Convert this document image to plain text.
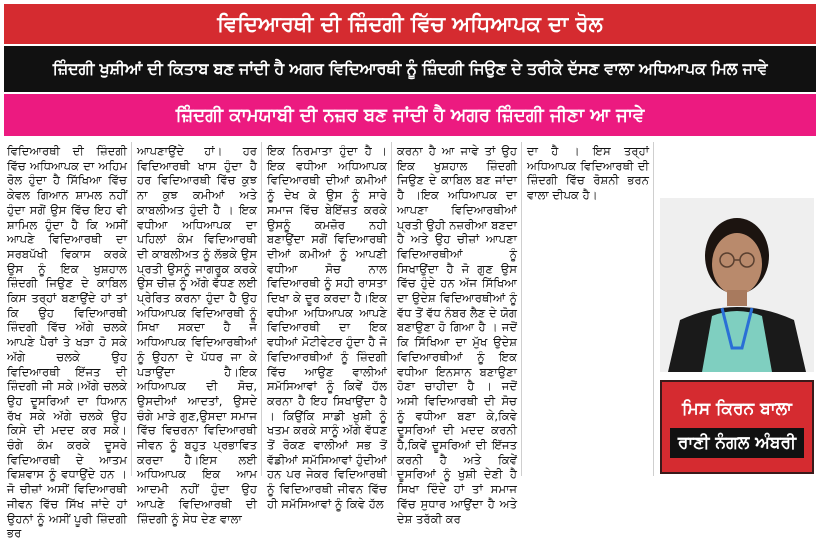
ਵਿਦਿਆਰਥੀ ਦੀ ਜ਼ਿੰਦਗੀ ਵਿੱਚ ਅਧਿਆਪਕ ਦਾ ਰੋਲ
ਜ਼ਿੰਦਗੀ ਖੁਸ਼ੀਆਂ ਦੀ ਕਿਤਾਬ ਬਣ ਜਾਂਦੀ ਹੈ ਅਗਰ ਵਿਦਿਆਰਥੀ ਨੂੰ ਜ਼ਿੰਦਗੀ ਜਿਉਣ ਦੇ ਤਰੀਕੇ ਦੱਸਣ ਵਾਲਾ ਅਧਿਆਪਕ ਮਿਲ ਜਾਵੇ
ਜ਼ਿੰਦਗੀ ਕਾਮਯਾਬੀ ਦੀ ਨਜ਼ਰ ਬਣ ਜਾਂਦੀ ਹੈ ਅਗਰ ਜ਼ਿੰਦਗੀ ਜੀਣਾ ਆ ਜਾਵੇ
ਵਿਦਿਆਰਥੀ ਦੀ ਜ਼ਿੰਦਗੀ ਵਿੱਚ ਅਧਿਆਪਕ ਦਾ ਅਹਿਮ ਰੋਲ ਹੁੰਦਾ ਹੈ ਸਿੱਖਿਆ ਵਿੱਚ ਕੇਵਲ ਗਿਆਨ ਸ਼ਾਮਲ ਨਹੀਂ ਹੁੰਦਾ ਸਗੋਂ ਉਸ ਵਿੱਚ ਇਹ ਵੀ ਸ਼ਾਮਿਲ ਹੁੰਦਾ ਹੈ ਕਿ ਅਸੀਂ ਆਪਣੇ ਵਿਦਿਆਰਥੀ ਦਾ ਸਰਬਪੱਖੀ ਵਿਕਾਸ ਕਰਕੇ ਉਸ ਨੂੰ ਇਕ ਖੁਸ਼ਹਾਲ ਜ਼ਿੰਦਗੀ ਜਿਉਣ ਦੇ ਕਾਬਿਲ ਕਿਸ ਤਰ੍ਹਾਂ ਬਣਾਉਂਦੇ ਹਾਂ ਤਾਂ ਕਿ ਉਹ ਵਿਦਿਆਰਥੀ ਜ਼ਿੰਦਗੀ ਵਿੱਚ ਅੱਗੇ ਚਲਕੇ ਆਪਣੇ ਪੈਰਾਂ ਤੇ ਖੜਾ ਹੋ ਸਕੇ ਅੱਗੇ ਚਲਕੇ ਉਹ ਵਿਦਿਆਰਥੀ ਇੱਜਤ ਦੀ ਜ਼ਿੰਦਗੀ ਜੀ ਸਕੇ।ਅੱਗੇ ਚਲਕੇ ਉਹ ਦੂਸਰਿਆਂ ਦਾ ਧਿਆਨ ਰੱਖ ਸਕੇ ਅੱਗੇ ਚਲਕੇ ਉਹ ਕਿਸੇ ਦੀ ਮਦਦ ਕਰ ਸਕੇ। ਚੰਗੇ ਕੰਮ ਕਰਕੇ ਦੂਸਰੇ ਵਿਦਿਆਰਥੀ ਦੇ ਆਤਮ ਵਿਸ਼ਵਾਸ ਨੂੰ ਵਧਾਉਂਦੇ ਹਨ ।ਜੋ ਚੀਜ਼ਾਂ ਅਸੀਂ ਵਿਦਿਆਰਥੀ ਜੀਵਨ ਵਿੱਚ ਸਿੱਖ ਜਾਂਦੇ ਹਾਂ ਉਹਨਾਂ ਨੂੰ ਅਸੀਂ ਪੂਰੀ ਜ਼ਿੰਦਗੀ ਭਰ
ਆਪਣਾਉਂਦੇ ਹਾਂ। ਹਰ ਵਿਦਿਆਰਥੀ ਖਾਸ ਹੁੰਦਾ ਹੈ ਹਰ ਵਿਦਿਆਰਥੀ ਵਿੱਚ ਕੁਝ ਨਾ ਕੁਝ ਕਮੀਆਂ ਅਤੇ ਕਾਬਲੀਅਤ ਹੁੰਦੀ ਹੈ । ਇਕ ਵਧੀਆ ਅਧਿਆਪਕ ਦਾ ਪਹਿਲਾਂ ਕੰਮ ਵਿਦਿਆਰਥੀ ਦੀ ਕਾਬਲੀਅਤ ਨੂੰ ਲੱਭਕੇ ਉਸ ਪ੍ਰਤੀ ਉਸਨੂੰ ਜਾਗਰੂਕ ਕਰਕੇ ਉਸ ਚੀਜ਼ ਨੂੰ ਅੱਗੇ ਵੱਧਣ ਲਈ ਪ੍ਰੇਰਿਤ ਕਰਨਾ ਹੁੰਦਾ ਹੈ ਉਹ ਅਧਿਆਪਕ ਵਿਦਿਆਰਥੀ ਨੂੰ ਸਿਖਾ ਸਕਦਾ ਹੈ ਜੋ ਅਧਿਆਪਕ ਵਿਦਿਆਰਥੀਆਂ ਨੂੰ ਉਹਨਾ ਦੇ ਪੱਧਰ ਜਾ ਕੇ ਪੜਾਉਂਦਾ ਹੈ।ਇਕ ਅਧਿਆਪਕ ਦੀ ਸੋਚ, ਉਸਦੀਆਂ ਆਦਤਾਂ, ਉਸਦੇ ਚੰਗੇ ਮਾੜੇ ਗੁਣ,ਉਸਦਾ ਸਮਾਜ ਵਿੱਚ ਵਿਚਰਨਾ ਵਿਦਿਆਰਥੀ ਜੀਵਨ ਨੂੰ ਬਹੁਤ ਪ੍ਰਭਾਵਿਤ ਕਰਦਾ ਹੈ।ਇਸ ਲਈ ਅਧਿਆਪਕ ਇਕ ਆਮ ਆਦਮੀ ਨਹੀਂ ਹੁੰਦਾ ਉਹ ਆਪਣੇ ਵਿਦਿਆਰਥੀ ਦੀ ਜ਼ਿੰਦਗੀ ਨੂੰ ਸੇਧ ਦੇਣ ਵਾਲਾ
ਇਕ ਨਿਰਮਾਤਾ ਹੁੰਦਾ ਹੈ ।ਇਕ ਵਧੀਆ ਅਧਿਆਪਕ ਵਿਦਿਆਰਥੀ ਦੀਆਂ ਕਮੀਆਂ ਨੂੰ ਦੇਖ ਕੇ ਉਸ ਨੂੰ ਸਾਰੇ ਸਮਾਜ ਵਿੱਚ ਬੇਇੱਜ਼ਤ ਕਰਕੇ ਉਸਨੂੰ ਕਮਜ਼ੋਰ ਨਹੀ ਬਣਾਉਂਦਾ ਸਗੋਂ ਵਿਦਿਆਰਥੀ ਦੀਆਂ ਕਮੀਆਂ ਨੂੰ ਆਪਣੀ ਵਧੀਆ ਸੋਚ ਨਾਲ ਵਿਦਿਆਰਥੀ ਨੂੰ ਸਹੀ ਰਾਸਤਾ ਦਿਖਾ ਕੇ ਦੂਰ ਕਰਦਾ ਹੈ।ਇਕ ਵਧੀਆ ਅਧਿਆਪਕ ਆਪਣੇ ਵਿਦਿਆਰਥੀ ਦਾ ਇਕ ਵਧੀਆਂ ਮੋਟੀਵੇਟਰ ਹੁੰਦਾ ਹੈ ਜੋ ਵਿਦਿਆਰਥੀਆਂ ਨੂੰ ਜ਼ਿੰਦਗੀ ਵਿੱਚ ਆਉਣ ਵਾਲੀਆਂ ਸਮੱਸਿਆਵਾਂ ਨੂੰ ਕਿਵੇਂ ਹੱਲ ਕਰਨਾ ਹੈ ਇਹ ਸਿਖਾਉਂਦਾ ਹੈ । ਕਿਉਂਕਿ ਸਾਡੀ ਖੁਸ਼ੀ ਨੂੰ ਖਤਮ ਕਰਕੇ ਸਾਨੂੰ ਅੱਗੇ ਵੱਧਣ ਤੋਂ ਰੋਕਣ ਵਾਲੀਆਂ ਸਭ ਤੋਂ ਵੱਡੀਆਂ ਸਮੱਸਿਆਵਾਂ ਹੁੰਦੀਆਂ ਹਨ ਪਰ ਜੇਕਰ ਵਿਦਿਆਰਥੀ ਨੂੰ ਵਿਦਿਆਰਥੀ ਜੀਵਨ ਵਿੱਚ ਹੀ ਸਮੱਸਿਆਵਾਂ ਨੂੰ ਕਿਵੇ ਹੱਲ
ਕਰਨਾ ਹੈ ਆ ਜਾਵੇ ਤਾਂ ਉਹ ਇਕ ਖੁਸ਼ਹਾਲ ਜ਼ਿੰਦਗੀ ਜਿਉਣ ਦੇ ਕਾਬਿਲ ਬਣ ਜਾਂਦਾ ਹੈ ।ਇਕ ਅਧਿਆਪਕ ਦਾ ਆਪਣਾ ਵਿਦਿਆਰਥੀਆਂ ਪ੍ਰਤੀ ਉਹੀ ਨਜ਼ਰੀਆ ਬਣਦਾ ਹੈ ਅਤੇ ਉਹ ਚੀਜ਼ਾਂ ਆਪਣਾ ਵਿਦਿਆਰਥੀਆਂ ਨੂੰ ਸਿਖਾਉਂਦਾ ਹੈ ਜੋ ਗੁਣ ਉਸ ਵਿੱਚ ਹੁੰਦੇ ਹਨ ਅੱਜ ਸਿੱਖਿਆ ਦਾ ਉਦੇਸ਼ ਵਿਦਿਆਰਥੀਆਂ ਨੂੰ ਵੱਧ ਤੋਂ ਵੱਧ ਨੰਬਰ ਲੈਣ ਦੇ ਯੋਗ ਬਣਾਉਣਾ ਹੋ ਗਿਆ ਹੈ । ਜਦੋਂ ਕਿ ਸਿੱਖਿਆ ਦਾ ਮੁੱਖ ਉਦੇਸ਼ ਵਿਦਿਆਰਥੀਆਂ ਨੂੰ ਇਕ ਵਧੀਆ ਇਨਸਾਨ ਬਣਾਉਣਾ ਹੋਣਾ ਚਾਹੀਦਾ ਹੈ । ਜਦੋਂ ਅਸੀ ਵਿਦਿਆਰਥੀ ਦੀ ਸੋਚ ਨੂੰ ਵਧੀਆ ਬਣਾ ਕੇ,ਕਿਵੇ ਦੂਸਰਿਆਂ ਦੀ ਮਦਦ ਕਰਨੀ ਹੈ,ਕਿਵੇਂ ਦੂਸਰਿਆਂ ਦੀ ਇੱਜਤ ਕਰਨੀ ਹੈ ਅਤੇ ਕਿਵੇਂ ਦੂਸਰਿਆਂ ਨੂੰ ਖੁਸ਼ੀ ਦੇਣੀ ਹੈ ਸਿਖਾ ਦਿੰਦੇ ਹਾਂ ਤਾਂ ਸਮਾਜ ਵਿੱਚ ਸੁਧਾਰ ਆਉਂਦਾ ਹੈ ਅਤੇ ਦੇਸ਼ ਤਰੱਕੀ ਕਰ
ਦਾ ਹੈ । ਇਸ ਤਰ੍ਹਾਂ ਅਧਿਆਪਕ ਵਿਦਿਆਰਥੀ ਦੀ ਜ਼ਿੰਦਗੀ ਵਿੱਚ ਰੋਸ਼ਨੀ ਭਰਨ ਵਾਲਾ ਦੀਪਕ ਹੈ।
ਮਿਸ ਕਿਰਨ ਬਾਲਾ
ਰਾਣੀ ਨੰਗਲ ਅੰਬਰੀ
